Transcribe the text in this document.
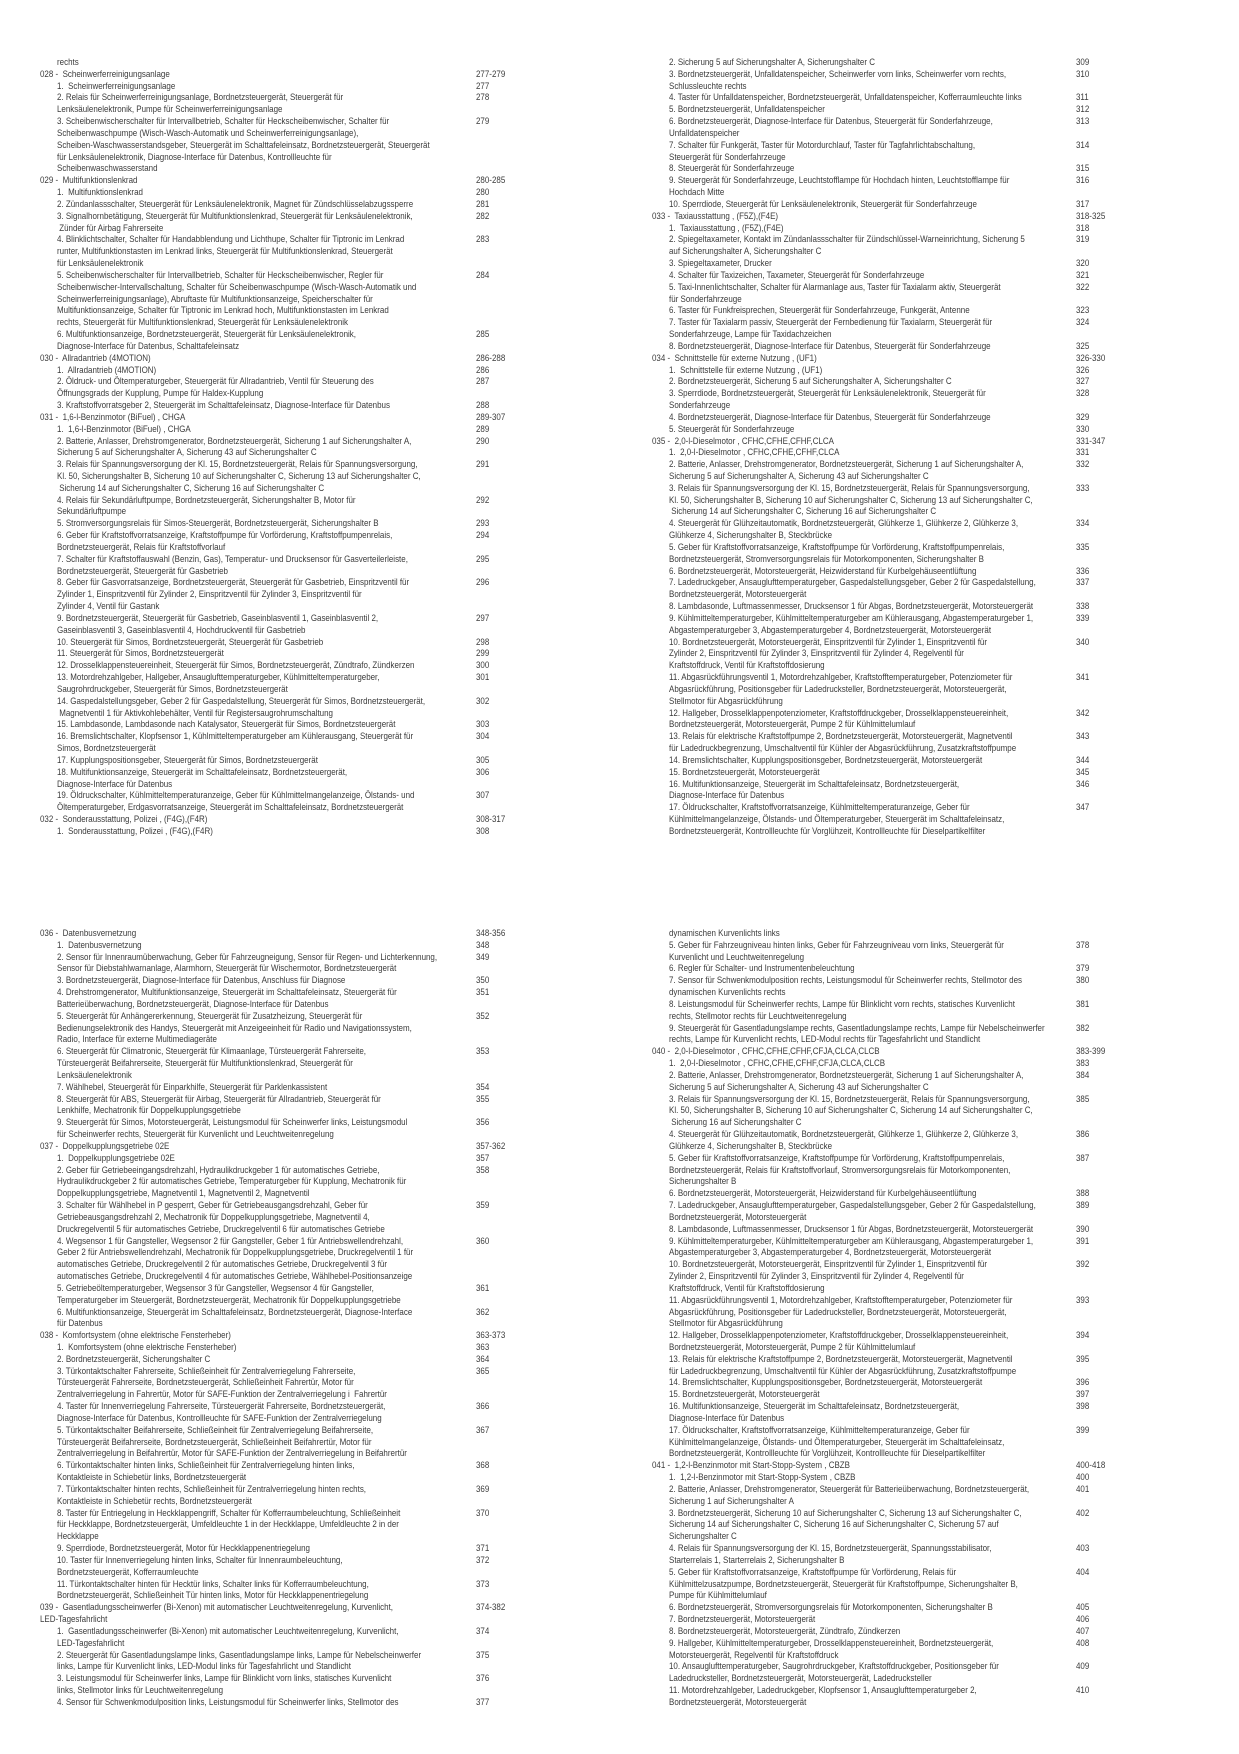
rechts
028 -  Scheinwerferreinigungsanlage	277-279
1.  Scheinwerferreinigungsanlage	277
2. Relais für Scheinwerferreinigungsanlage, Bordnetzsteuergerät, Steuergerät für	278
Lenksäulenelektronik, Pumpe für Scheinwerferreinigungsanlage
3. Scheibenwischerschalter für Intervallbetrieb, Schalter für Heckscheibenwischer, Schalter für	279
Scheibenwaschpumpe (Wisch-Wasch-Automatik und Scheinwerferreinigungsanlage),
Scheiben-Waschwasserstandsgeber, Steuergerät im Schalttafeleinsatz, Bordnetzsteuergerät, Steuergerät
für Lenksäulenelektronik, Diagnose-Interface für Datenbus, Kontrollleuchte für
Scheibenwaschwasserstand
029 -  Multifunktionslenkrad	280-285
1.  Multifunktionslenkrad	280
2. Zündanlassschalter, Steuergerät für Lenksäulenelektronik, Magnet für Zündschlüsselabzugssperre	281
3. Signalhornbetätigung, Steuergerät für Multifunktionslenkrad, Steuergerät für Lenksäulenelektronik,	282
Zünder für Airbag Fahrerseite
4. Blinklichtschalter, Schalter für Handabblendung und Lichthupe, Schalter für Tiptronic im Lenkrad	283
runter, Multifunktionstasten im Lenkrad links, Steuergerät für Multifunktionslenkrad, Steuergerät
für Lenksäulenelektronik
5. Scheibenwischerschalter für Intervallbetrieb, Schalter für Heckscheibenwischer, Regler für	284
Scheibenwischer-Intervallschaltung, Schalter für Scheibenwaschpumpe (Wisch-Wasch-Automatik und
Scheinwerferreinigungsanlage), Abruftaste für Multifunktionsanzeige, Speicherschalter für
Multifunktionsanzeige, Schalter für Tiptronic im Lenkrad hoch, Multifunktionstasten im Lenkrad
rechts, Steuergerät für Multifunktionslenkrad, Steuergerät für Lenksäulenelektronik
6. Multifunktionsanzeige, Bordnetzsteuergerät, Steuergerät für Lenksäulenelektronik,	285
Diagnose-Interface für Datenbus, Schalttafeleinsatz
030 -  Allradantrieb (4MOTION)	286-288
1.  Allradantrieb (4MOTION)	286
2. Öldruck- und Öltemperaturgeber, Steuergerät für Allradantrieb, Ventil für Steuerung des	287
Öffnungsgrads der Kupplung, Pumpe für Haldex-Kupplung
3. Kraftstoffvorratsgeber 2, Steuergerät im Schalttafeleinsatz, Diagnose-Interface für Datenbus	288
031 -  1,6-l-Benzinmotor (BiFuel) , CHGA	289-307
1.  1,6-l-Benzinmotor (BiFuel) , CHGA	289
2. Batterie, Anlasser, Drehstromgenerator, Bordnetzsteuergerät, Sicherung 1 auf Sicherungshalter A,	290
Sicherung 5 auf Sicherungshalter A, Sicherung 43 auf Sicherungshalter C
3. Relais für Spannungsversorgung der Kl. 15, Bordnetzsteuergerät, Relais für Spannungsversorgung,	291
Kl. 50, Sicherungshalter B, Sicherung 10 auf Sicherungshalter C, Sicherung 13 auf Sicherungshalter C,
Sicherung 14 auf Sicherungshalter C, Sicherung 16 auf Sicherungshalter C
4. Relais für Sekundärluftpumpe, Bordnetzsteuergerät, Sicherungshalter B, Motor für	292
Sekundärluftpumpe
5. Stromversorgungsrelais für Simos-Steuergerät, Bordnetzsteuergerät, Sicherungshalter B	293
6. Geber für Kraftstoffvorratsanzeige, Kraftstoffpumpe für Vorförderung, Kraftstoffpumpenrelais,	294
Bordnetzsteuergerät, Relais für Kraftstoffvorlauf
7. Schalter für Kraftstoffauswahl (Benzin, Gas), Temperatur- und Drucksensor für Gasverteilerleiste,	295
Bordnetzsteuergerät, Steuergerät für Gasbetrieb
8. Geber für Gasvorratsanzeige, Bordnetzsteuergerät, Steuergerät für Gasbetrieb, Einspritzventil für	296
Zylinder 1, Einspritzventil für Zylinder 2, Einspritzventil für Zylinder 3, Einspritzventil für
Zylinder 4, Ventil für Gastank
9. Bordnetzsteuergerät, Steuergerät für Gasbetrieb, Gaseinblasventil 1, Gaseinblasventil 2,	297
Gaseinblasventil 3, Gaseinblasventil 4, Hochdruckventil für Gasbetrieb
10. Steuergerät für Simos, Bordnetzsteuergerät, Steuergerät für Gasbetrieb	298
11. Steuergerät für Simos, Bordnetzsteuergerät	299
12. Drosselklappensteuereinheit, Steuergerät für Simos, Bordnetzsteuergerät, Zündtrafo, Zündkerzen	300
13. Motordrehzahlgeber, Hallgeber, Ansauglufttemperaturgeber, Kühlmitteltemperaturgeber,	301
Saugrohrdruckgeber, Steuergerät für Simos, Bordnetzsteuergerät
14. Gaspedalstellungsgeber, Geber 2 für Gaspedalstellung, Steuergerät für Simos, Bordnetzsteuergerät,	302
Magnetventil 1 für Aktivkohlebehälter, Ventil für Registersaugrohrumschaltung
15. Lambdasonde, Lambdasonde nach Katalysator, Steuergerät für Simos, Bordnetzsteuergerät	303
16. Bremslichtschalter, Klopfsensor 1, Kühlmitteltemperaturgeber am Kühlerausgang, Steuergerät für	304
Simos, Bordnetzsteuergerät
17. Kupplungspositionsgeber, Steuergerät für Simos, Bordnetzsteuergerät	305
18. Multifunktionsanzeige, Steuergerät im Schalttafeleinsatz, Bordnetzsteuergerät,	306
Diagnose-Interface für Datenbus
19. Öldruckschalter, Kühlmitteltemperaturanzeige, Geber für Kühlmittelmangelanzeige, Ölstands- und	307
Öltemperaturgeber, Erdgasvorratsanzeige, Steuergerät im Schalttafeleinsatz, Bordnetzsteuergerät
032 -  Sonderausstattung, Polizei , (F4G),(F4R)	308-317
1.  Sonderausstattung, Polizei , (F4G),(F4R)	308
2. Sicherung 5 auf Sicherungshalter A, Sicherungshalter C	309
3. Bordnetzsteuergerät, Unfalldatenspeicher, Scheinwerfer vorn links, Scheinwerfer vorn rechts,	310
Schlussleuchte rechts
4. Taster für Unfalldatenspeicher, Bordnetzsteuergerät, Unfalldatenspeicher, Kofferraumleuchte links	311
5. Bordnetzsteuergerät, Unfalldatenspeicher	312
6. Bordnetzsteuergerät, Diagnose-Interface für Datenbus, Steuergerät für Sonderfahrzeuge,	313
Unfalldatenspeicher
7. Schalter für Funkgerät, Taster für Motordurchlauf, Taster für Tagfahrlichtabschaltung,	314
Steuergerät für Sonderfahrzeuge
8. Steuergerät für Sonderfahrzeuge	315
9. Steuergerät für Sonderfahrzeuge, Leuchtstofflampe für Hochdach hinten, Leuchtstofflampe für	316
Hochdach Mitte
10. Sperrdiode, Steuergerät für Lenksäulenelektronik, Steuergerät für Sonderfahrzeuge	317
033 -  Taxiausstattung , (F5Z),(F4E)	318-325
1.  Taxiausstattung , (F5Z),(F4E)	318
2. Spiegeltaxameter, Kontakt im Zündanlassschalter für Zündschlüssel-Warneinrichtung, Sicherung 5	319
auf Sicherungshalter A, Sicherungshalter C
3. Spiegeltaxameter, Drucker	320
4. Schalter für Taxizeichen, Taxameter, Steuergerät für Sonderfahrzeuge	321
5. Taxi-Innenlichtschalter, Schalter für Alarmanlage aus, Taster für Taxialarm aktiv, Steuergerät	322
für Sonderfahrzeuge
6. Taster für Funkfreisprechen, Steuergerät für Sonderfahrzeuge, Funkgerät, Antenne	323
7. Taster für Taxialarm passiv, Steuergerät der Fernbedienung für Taxialarm, Steuergerät für	324
Sonderfahrzeuge, Lampe für Taxidachzeichen
8. Bordnetzsteuergerät, Diagnose-Interface für Datenbus, Steuergerät für Sonderfahrzeuge	325
034 -  Schnittstelle für externe Nutzung , (UF1)	326-330
1.  Schnittstelle für externe Nutzung , (UF1)	326
2. Bordnetzsteuergerät, Sicherung 5 auf Sicherungshalter A, Sicherungshalter C	327
3. Sperrdiode, Bordnetzsteuergerät, Steuergerät für Lenksäulenelektronik, Steuergerät für	328
Sonderfahrzeuge
4. Bordnetzsteuergerät, Diagnose-Interface für Datenbus, Steuergerät für Sonderfahrzeuge	329
5. Steuergerät für Sonderfahrzeuge	330
035 -  2,0-l-Dieselmotor , CFHC,CFHE,CFHF,CLCA	331-347
1.  2,0-l-Dieselmotor , CFHC,CFHE,CFHF,CLCA	331
2. Batterie, Anlasser, Drehstromgenerator, Bordnetzsteuergerät, Sicherung 1 auf Sicherungshalter A,	332
Sicherung 5 auf Sicherungshalter A, Sicherung 43 auf Sicherungshalter C
3. Relais für Spannungsversorgung der Kl. 15, Bordnetzsteuergerät, Relais für Spannungsversorgung,	333
Kl. 50, Sicherungshalter B, Sicherung 10 auf Sicherungshalter C, Sicherung 13 auf Sicherungshalter C,
Sicherung 14 auf Sicherungshalter C, Sicherung 16 auf Sicherungshalter C
4. Steuergerät für Glühzeitautomatik, Bordnetzsteuergerät, Glühkerze 1, Glühkerze 2, Glühkerze 3,	334
Glühkerze 4, Sicherungshalter B, Steckbrücke
5. Geber für Kraftstoffvorratsanzeige, Kraftstoffpumpe für Vorförderung, Kraftstoffpumpenrelais,	335
Bordnetzsteuergerät, Stromversorgungsrelais für Motorkomponenten, Sicherungshalter B
6. Bordnetzsteuergerät, Motorsteuergerät, Heizwiderstand für Kurbelgehäuseentlüftung	336
7. Ladedruckgeber, Ansauglufttemperaturgeber, Gaspedalstellungsgeber, Geber 2 für Gaspedalstellung,	337
Bordnetzsteuergerät, Motorsteuergerät
8. Lambdasonde, Luftmassenmesser, Drucksensor 1 für Abgas, Bordnetzsteuergerät, Motorsteuergerät	338
9. Kühlmitteltemperaturgeber, Kühlmitteltemperaturgeber am Kühlerausgang, Abgastemperaturgeber 1,	339
Abgastemperaturgeber 3, Abgastemperaturgeber 4, Bordnetzsteuergerät, Motorsteuergerät
10. Bordnetzsteuergerät, Motorsteuergerät, Einspritzventil für Zylinder 1, Einspritzventil für	340
Zylinder 2, Einspritzventil für Zylinder 3, Einspritzventil für Zylinder 4, Regelventil für
Kraftstoffdruck, Ventil für Kraftstoffdosierung
11. Abgasrückführungsventil 1, Motordrehzahlgeber, Kraftstofftemperaturgeber, Potenziometer für	341
Abgasrückführung, Positionsgeber für Ladedrucksteller, Bordnetzsteuergerät, Motorsteuergerät,
Stellmotor für Abgasrückführung
12. Hallgeber, Drosselklappenpotenziometer, Kraftstoffdruckgeber, Drosselklappensteuereinheit,	342
Bordnetzsteuergerät, Motorsteuergerät, Pumpe 2 für Kühlmittelumlauf
13. Relais für elektrische Kraftstoffpumpe 2, Bordnetzsteuergerät, Motorsteuergerät, Magnetventil	343
für Ladedruckbegrenzung, Umschaltventil für Kühler der Abgasrückführung, Zusatzkraftstoffpumpe
14. Bremslichtschalter, Kupplungspositionsgeber, Bordnetzsteuergerät, Motorsteuergerät	344
15. Bordnetzsteuergerät, Motorsteuergerät	345
16. Multifunktionsanzeige, Steuergerät im Schalttafeleinsatz, Bordnetzsteuergerät,	346
Diagnose-Interface für Datenbus
17. Öldruckschalter, Kraftstoffvorratsanzeige, Kühlmitteltemperaturanzeige, Geber für	347
Kühlmittelmangelanzeige, Ölstands- und Öltemperaturgeber, Steuergerät im Schalttafeleinsatz,
Bordnetzsteuergerät, Kontrollleuchte für Vorglühzeit, Kontrollleuchte für Dieselpartikelfilter
036 -  Datenbusvernetzung	348-356
1.  Datenbusvernetzung	348
2. Sensor für Innenraumüberwachung, Geber für Fahrzeugneigung, Sensor für Regen- und Lichterkennung,	349
Sensor für Diebstahlwarnanlage, Alarmhorn, Steuergerät für Wischermotor, Bordnetzsteuergerät
3. Bordnetzsteuergerät, Diagnose-Interface für Datenbus, Anschluss für Diagnose	350
4. Drehstromgenerator, Multifunktionsanzeige, Steuergerät im Schalttafeleinsatz, Steuergerät für	351
Batterieüberwachung, Bordnetzsteuergerät, Diagnose-Interface für Datenbus
5. Steuergerät für Anhängererkennung, Steuergerät für Zusatzheizung, Steuergerät für	352
Bedienungselektronik des Handys, Steuergerät mit Anzeigeeinheit für Radio und Navigationssystem,
Radio, Interface für externe Multimediageräte
6. Steuergerät für Climatronic, Steuergerät für Klimaanlage, Türsteuergerät Fahrerseite,	353
Türsteuergerät Beifahrerseite, Steuergerät für Multifunktionslenkrad, Steuergerät für
Lenksäulenelektronik
7. Wählhebel, Steuergerät für Einparkhilfe, Steuergerät für Parklenkassistent	354
8. Steuergerät für ABS, Steuergerät für Airbag, Steuergerät für Allradantrieb, Steuergerät für	355
Lenkhilfe, Mechatronik für Doppelkupplungsgetriebe
9. Steuergerät für Simos, Motorsteuergerät, Leistungsmodul für Scheinwerfer links, Leistungsmodul	356
für Scheinwerfer rechts, Steuergerät für Kurvenlicht und Leuchtweitenregelung
037 -  Doppelkupplungsgetriebe 02E	357-362
1.  Doppelkupplungsgetriebe 02E	357
2. Geber für Getriebeeingangsdrehzahl, Hydraulikdruckgeber 1 für automatisches Getriebe,	358
Hydraulikdruckgeber 2 für automatisches Getriebe, Temperaturgeber für Kupplung, Mechatronik für
Doppelkupplungsgetriebe, Magnetventil 1, Magnetventil 2, Magnetventil
3. Schalter für Wählhebel in P gesperrt, Geber für Getriebeausgangsdrehzahl, Geber für	359
Getriebeausgangsdrehzahl 2, Mechatronik für Doppelkupplungsgetriebe, Magnetventil 4,
Druckregelventil 5 für automatisches Getriebe, Druckregelventil 6 für automatisches Getriebe
4. Wegsensor 1 für Gangsteller, Wegsensor 2 für Gangsteller, Geber 1 für Antriebswellendrehzahl,	360
Geber 2 für Antriebswellendrehzahl, Mechatronik für Doppelkupplungsgetriebe, Druckregelventil 1 für
automatisches Getriebe, Druckregelventil 2 für automatisches Getriebe, Druckregelventil 3 für
automatisches Getriebe, Druckregelventil 4 für automatisches Getriebe, Wählhebel-Positionsanzeige
5. Getriebeöltemperaturgeber, Wegsensor 3 für Gangsteller, Wegsensor 4 für Gangsteller,	361
Temperaturgeber im Steuergerät, Bordnetzsteuergerät, Mechatronik für Doppelkupplungsgetriebe
6. Multifunktionsanzeige, Steuergerät im Schalttafeleinsatz, Bordnetzsteuergerät, Diagnose-Interface	362
für Datenbus
038 -  Komfortsystem (ohne elektrische Fensterheber)	363-373
1.  Komfortsystem (ohne elektrische Fensterheber)	363
2. Bordnetzsteuergerät, Sicherungshalter C	364
3. Türkontaktschalter Fahrerseite, Schließeinheit für Zentralverriegelung Fahrerseite,	365
Türsteuergerät Fahrerseite, Bordnetzsteuergerät, Schließeinheit Fahrertür, Motor für
Zentralverriegelung in Fahrertür, Motor für SAFE-Funktion der Zentralverriegelung i  Fahrertür
4. Taster für Innenverriegelung Fahrerseite, Türsteuergerät Fahrerseite, Bordnetzsteuergerät,	366
Diagnose-Interface für Datenbus, Kontrollleuchte für SAFE-Funktion der Zentralverriegelung
5. Türkontaktschalter Beifahrerseite, Schließeinheit für Zentralverriegelung Beifahrerseite,	367
Türsteuergerät Beifahrerseite, Bordnetzsteuergerät, Schließeinheit Beifahrertür, Motor für
Zentralverriegelung in Beifahrertür, Motor für SAFE-Funktion der Zentralverriegelung in Beifahrertür
6. Türkontaktschalter hinten links, Schließeinheit für Zentralverriegelung hinten links,	368
Kontaktleiste in Schiebetür links, Bordnetzsteuergerät
7. Türkontaktschalter hinten rechts, Schließeinheit für Zentralverriegelung hinten rechts,	369
Kontaktleiste in Schiebetür rechts, Bordnetzsteuergerät
8. Taster für Entriegelung in Heckklappengriff, Schalter für Kofferraumbeleuchtung, Schließeinheit	370
für Heckklappe, Bordnetzsteuergerät, Umfeldleuchte 1 in der Heckklappe, Umfeldleuchte 2 in der
Heckklappe
9. Sperrdiode, Bordnetzsteuergerät, Motor für Heckklappenentriegelung	371
10. Taster für Innenverriegelung hinten links, Schalter für Innenraumbeleuchtung,	372
Bordnetzsteuergerät, Kofferraumleuchte
11. Türkontaktschalter hinten für Hecktür links, Schalter links für Kofferraumbeleuchtung,	373
Bordnetzsteuergerät, Schließeinheit Tür hinten links, Motor für Heckklappenentriegelung
039 -  Gasentladungsscheinwerfer (Bi-Xenon) mit automatischer Leuchtweitenregelung, Kurvenlicht,	374-382
LED-Tagesfahrlicht
1.  Gasentladungsscheinwerfer (Bi-Xenon) mit automatischer Leuchtweitenregelung, Kurvenlicht,	374
LED-Tagesfahrlicht
2. Steuergerät für Gasentladungslampe links, Gasentladungslampe links, Lampe für Nebelscheinwerfer	375
links, Lampe für Kurvenlicht links, LED-Modul links für Tagesfahrlicht und Standlicht
3. Leistungsmodul für Scheinwerfer links, Lampe für Blinklicht vorn links, statisches Kurvenlicht	376
links, Stellmotor links für Leuchtweitenregelung
4. Sensor für Schwenkmodulposition links, Leistungsmodul für Scheinwerfer links, Stellmotor des	377
dynamischen Kurvenlichts links
5. Geber für Fahrzeugniveau hinten links, Geber für Fahrzeugniveau vorn links, Steuergerät für	378
Kurvenlicht und Leuchtweitenregelung
6. Regler für Schalter- und Instrumentenbeleuchtung	379
7. Sensor für Schwenkmodulposition rechts, Leistungsmodul für Scheinwerfer rechts, Stellmotor des	380
dynamischen Kurvenlichts rechts
8. Leistungsmodul für Scheinwerfer rechts, Lampe für Blinklicht vorn rechts, statisches Kurvenlicht	381
rechts, Stellmotor rechts für Leuchtweitenregelung
9. Steuergerät für Gasentladungslampe rechts, Gasentladungslampe rechts, Lampe für Nebelscheinwerfer	382
rechts, Lampe für Kurvenlicht rechts, LED-Modul rechts für Tagesfahrlicht und Standlicht
040 -  2,0-l-Dieselmotor , CFHC,CFHE,CFHF,CFJA,CLCA,CLCB	383-399
1.  2,0-l-Dieselmotor , CFHC,CFHE,CFHF,CFJA,CLCA,CLCB	383
2. Batterie, Anlasser, Drehstromgenerator, Bordnetzsteuergerät, Sicherung 1 auf Sicherungshalter A,	384
Sicherung 5 auf Sicherungshalter A, Sicherung 43 auf Sicherungshalter C
3. Relais für Spannungsversorgung der Kl. 15, Bordnetzsteuergerät, Relais für Spannungsversorgung,	385
Kl. 50, Sicherungshalter B, Sicherung 10 auf Sicherungshalter C, Sicherung 14 auf Sicherungshalter C,
Sicherung 16 auf Sicherungshalter C
4. Steuergerät für Glühzeitautomatik, Bordnetzsteuergerät, Glühkerze 1, Glühkerze 2, Glühkerze 3,	386
Glühkerze 4, Sicherungshalter B, Steckbrücke
5. Geber für Kraftstoffvorratsanzeige, Kraftstoffpumpe für Vorförderung, Kraftstoffpumpenrelais,	387
Bordnetzsteuergerät, Relais für Kraftstoffvorlauf, Stromversorgungsrelais für Motorkomponenten,
Sicherungshalter B
6. Bordnetzsteuergerät, Motorsteuergerät, Heizwiderstand für Kurbelgehäuseentlüftung	388
7. Ladedruckgeber, Ansauglufttemperaturgeber, Gaspedalstellungsgeber, Geber 2 für Gaspedalstellung,	389
Bordnetzsteuergerät, Motorsteuergerät
8. Lambdasonde, Luftmassenmesser, Drucksensor 1 für Abgas, Bordnetzsteuergerät, Motorsteuergerät	390
9. Kühlmitteltemperaturgeber, Kühlmitteltemperaturgeber am Kühlerausgang, Abgastemperaturgeber 1,	391
Abgastemperaturgeber 3, Abgastemperaturgeber 4, Bordnetzsteuergerät, Motorsteuergerät
10. Bordnetzsteuergerät, Motorsteuergerät, Einspritzventil für Zylinder 1, Einspritzventil für	392
Zylinder 2, Einspritzventil für Zylinder 3, Einspritzventil für Zylinder 4, Regelventil für
Kraftstoffdruck, Ventil für Kraftstoffdosierung
11. Abgasrückführungsventil 1, Motordrehzahlgeber, Kraftstofftemperaturgeber, Potenziometer für	393
Abgasrückführung, Positionsgeber für Ladedrucksteller, Bordnetzsteuergerät, Motorsteuergerät,
Stellmotor für Abgasrückführung
12. Hallgeber, Drosselklappenpotenziometer, Kraftstoffdruckgeber, Drosselklappensteuereinheit,	394
Bordnetzsteuergerät, Motorsteuergerät, Pumpe 2 für Kühlmittelumlauf
13. Relais für elektrische Kraftstoffpumpe 2, Bordnetzsteuergerät, Motorsteuergerät, Magnetventil	395
für Ladedruckbegrenzung, Umschaltventil für Kühler der Abgasrückführung, Zusatzkraftstoffpumpe
14. Bremslichtschalter, Kupplungspositionsgeber, Bordnetzsteuergerät, Motorsteuergerät	396
15. Bordnetzsteuergerät, Motorsteuergerät	397
16. Multifunktionsanzeige, Steuergerät im Schalttafeleinsatz, Bordnetzsteuergerät,	398
Diagnose-Interface für Datenbus
17. Öldruckschalter, Kraftstoffvorratsanzeige, Kühlmitteltemperaturanzeige, Geber für	399
Kühlmittelmangelanzeige, Ölstands- und Öltemperaturgeber, Steuergerät im Schalttafeleinsatz,
Bordnetzsteuergerät, Kontrollleuchte für Vorglühzeit, Kontrollleuchte für Dieselpartikelfilter
041 -  1,2-l-Benzinmotor mit Start-Stopp-System , CBZB	400-418
1.  1,2-l-Benzinmotor mit Start-Stopp-System , CBZB	400
2. Batterie, Anlasser, Drehstromgenerator, Steuergerät für Batterieüberwachung, Bordnetzsteuergerät,	401
Sicherung 1 auf Sicherungshalter A
3. Bordnetzsteuergerät, Sicherung 10 auf Sicherungshalter C, Sicherung 13 auf Sicherungshalter C,	402
Sicherung 14 auf Sicherungshalter C, Sicherung 16 auf Sicherungshalter C, Sicherung 57 auf
Sicherungshalter C
4. Relais für Spannungsversorgung der Kl. 15, Bordnetzsteuergerät, Spannungsstabilisator,	403
Starterrelais 1, Starterrelais 2, Sicherungshalter B
5. Geber für Kraftstoffvorratsanzeige, Kraftstoffpumpe für Vorförderung, Relais für	404
Kühlmittelzusatzpumpe, Bordnetzsteuergerät, Steuergerät für Kraftstoffpumpe, Sicherungshalter B,
Pumpe für Kühlmittelumlauf
6. Bordnetzsteuergerät, Stromversorgungsrelais für Motorkomponenten, Sicherungshalter B	405
7. Bordnetzsteuergerät, Motorsteuergerät	406
8. Bordnetzsteuergerät, Motorsteuergerät, Zündtrafo, Zündkerzen	407
9. Hallgeber, Kühlmitteltemperaturgeber, Drosselklappensteuereinheit, Bordnetzsteuergerät,	408
Motorsteuergerät, Regelventil für Kraftstoffdruck
10. Ansauglufttemperaturgeber, Saugrohrdruckgeber, Kraftstoffdruckgeber, Positionsgeber für	409
Ladedrucksteller, Bordnetzsteuergerät, Motorsteuergerät, Ladedrucksteller
11. Motordrehzahlgeber, Ladedruckgeber, Klopfsensor 1, Ansauglufttemperaturgeber 2,	410
Bordnetzsteuergerät, Motorsteuergerät
